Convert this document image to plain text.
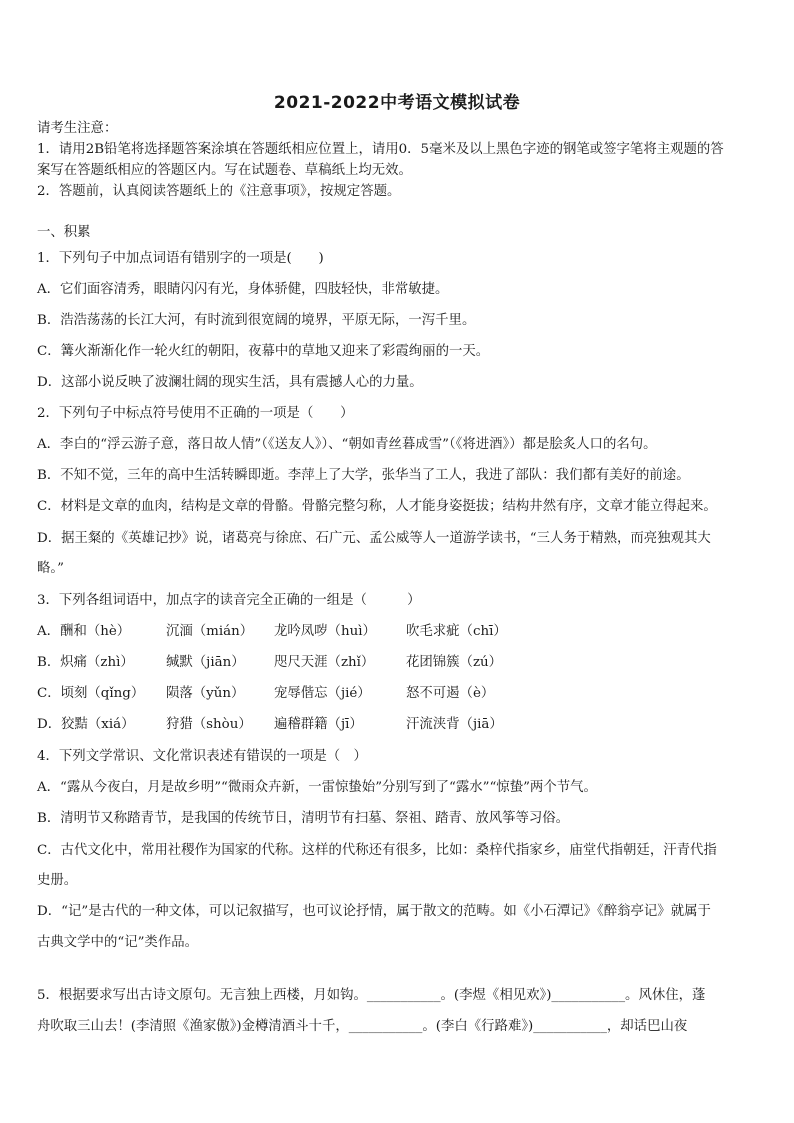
2021-2022中考语文模拟试卷
请考生注意：
1．请用2B铅笔将选择题答案涂填在答题纸相应位置上，请用0．5毫米及以上黑色字迹的钢笔或签字笔将主观题的答
案写在答题纸相应的答题区内。写在试题卷、草稿纸上均无效。
2．答题前，认真阅读答题纸上的《注意事项》，按规定答题。
一、积累
1．下列句子中加点词语有错别字的一项是(　　)
A．它们面容清秀，眼睛闪闪有光，身体骄健，四肢轻快，非常敏捷。
B．浩浩荡荡的长江大河，有时流到很宽阔的境界，平原无际，一泻千里。
C．篝火渐渐化作一轮火红的朝阳，夜幕中的草地又迎来了彩霞绚丽的一天。
D．这部小说反映了波澜壮阔的现实生活，具有震撼人心的力量。
2．下列句子中标点符号使用不正确的一项是（　　）
A．李白的“浮云游子意，落日故人情”（《送友人》）、“朝如青丝暮成雪”（《将进酒》）都是脍炙人口的名句。
B．不知不觉，三年的高中生活转瞬即逝。李萍上了大学，张华当了工人，我进了部队：我们都有美好的前途。
C．材料是文章的血肉，结构是文章的骨骼。骨骼完整匀称，人才能身姿挺拔；结构井然有序，文章才能立得起来。
D．据王粲的《英雄记抄》说，诸葛亮与徐庶、石广元、孟公威等人一道游学读书，“三人务于精熟，而亮独观其大
略。”
3．下列各组词语中，加点字的读音完全正确的一组是（　　　）
A．酬和（hè）	沉湎（mián） 龙吟凤哕（huì） 吹毛求疵（chī）
B．炽痛（zhì） 缄默（jiān） 咫尺天涯（zhǐ） 花团锦簇（zú）
C．顷刻（qǐng） 陨落（yǔn） 宠辱偕忘（jié）	怒不可遏（è）
D．狡黠（xiá） 狩猎（shòu） 遍稽群籍（jī）	汗流浃背（jiā）
4．下列文学常识、文化常识表述有错误的一项是（　）
A．“露从今夜白，月是故乡明”“微雨众卉新，一雷惊蛰始”分别写到了“露水”“惊蛰”两个节气。
B．清明节又称踏青节，是我国的传统节日，清明节有扫墓、祭祖、踏青、放风筝等习俗。
C．古代文化中，常用社稷作为国家的代称。这样的代称还有很多，比如：桑梓代指家乡，庙堂代指朝廷，汗青代指
史册。
D．“记”是古代的一种文体，可以记叙描写，也可议论抒情，属于散文的范畴。如《小石潭记》《醉翁亭记》就属于
古典文学中的“记”类作品。
5．根据要求写出古诗文原句。无言独上西楼，月如钩。___________。(李煜《相见欢》)___________。风休住，蓬
舟吹取三山去！(李清照《渔家傲》)金樽清酒斗十千，___________。(李白《行路难》)___________，却话巴山夜
